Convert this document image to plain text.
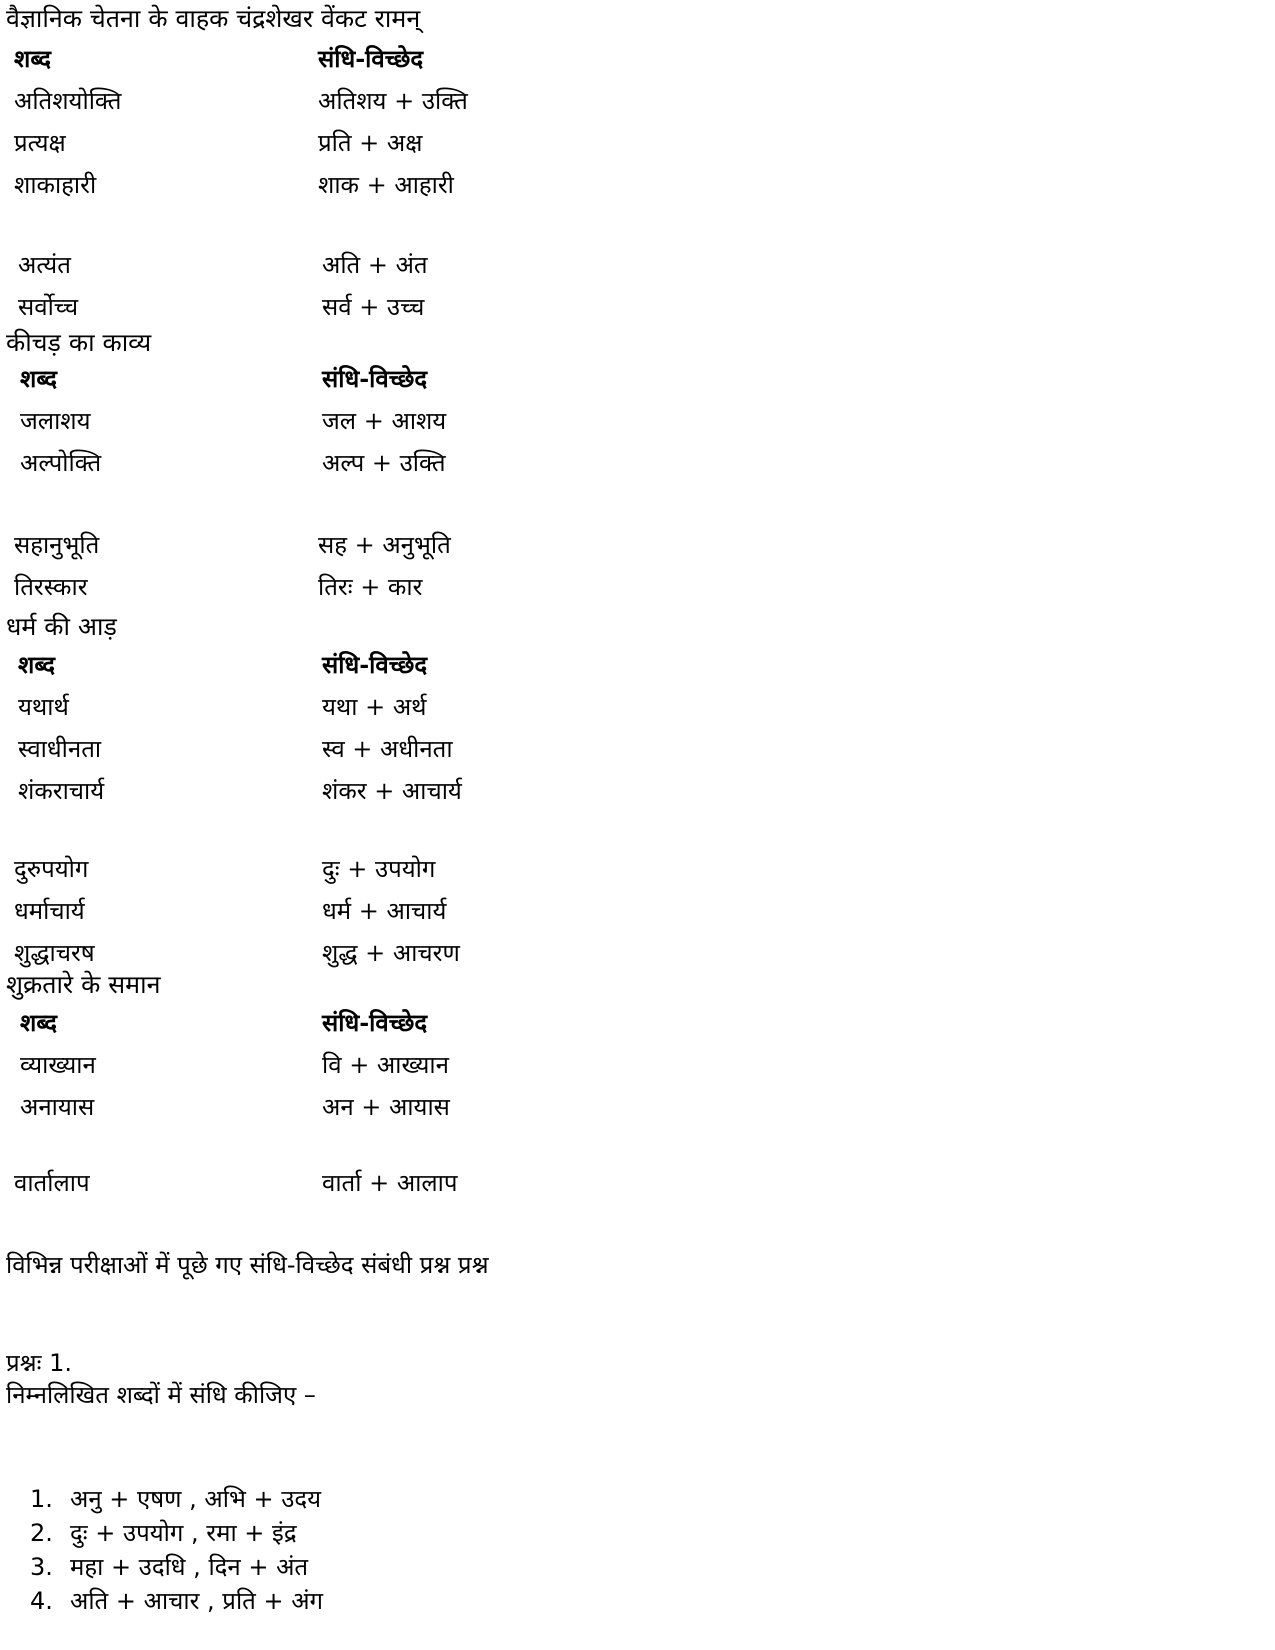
वैज्ञानिक चेतना के वाहक चंद्रशेखर वेंकट रामन्
शब्द	संधि-विच्छेद
अतिशयोक्ति	अतिशय + उक्ति
प्रत्यक्ष	प्रति + अक्ष
शाकाहारी	शाक + आहारी
अत्यंत	अति + अंत
सर्वोच्च	सर्व + उच्च
कीचड़ का काव्य
शब्द	संधि-विच्छेद
जलाशय	जल + आशय
अल्पोक्ति	अल्प + उक्ति
सहानुभूति	सह + अनुभूति
तिरस्कार	तिरः + कार
धर्म की आड़
शब्द	संधि-विच्छेद
यथार्थ	यथा + अर्थ
स्वाधीनता	स्व + अधीनता
शंकराचार्य	शंकर + आचार्य
दुरुपयोग	दुः + उपयोग
धर्माचार्य	धर्म + आचार्य
शुद्धाचरष	शुद्ध + आचरण
शुक्रतारे के समान
शब्द	संधि-विच्छेद
व्याख्यान	वि + आख्यान
अनायास	अन + आयास
वार्तालाप	वार्ता + आलाप
विभिन्न परीक्षाओं में पूछे गए संधि-विच्छेद संबंधी प्रश्न प्रश्न
प्रश्नः 1.
निम्नलिखित शब्दों में संधि कीजिए –
1. अनु + एषण , अभि + उदय
2. दुः + उपयोग , रमा + इंद्र
3. महा + उदधि , दिन + अंत
4. अति + आचार , प्रति + अंग
